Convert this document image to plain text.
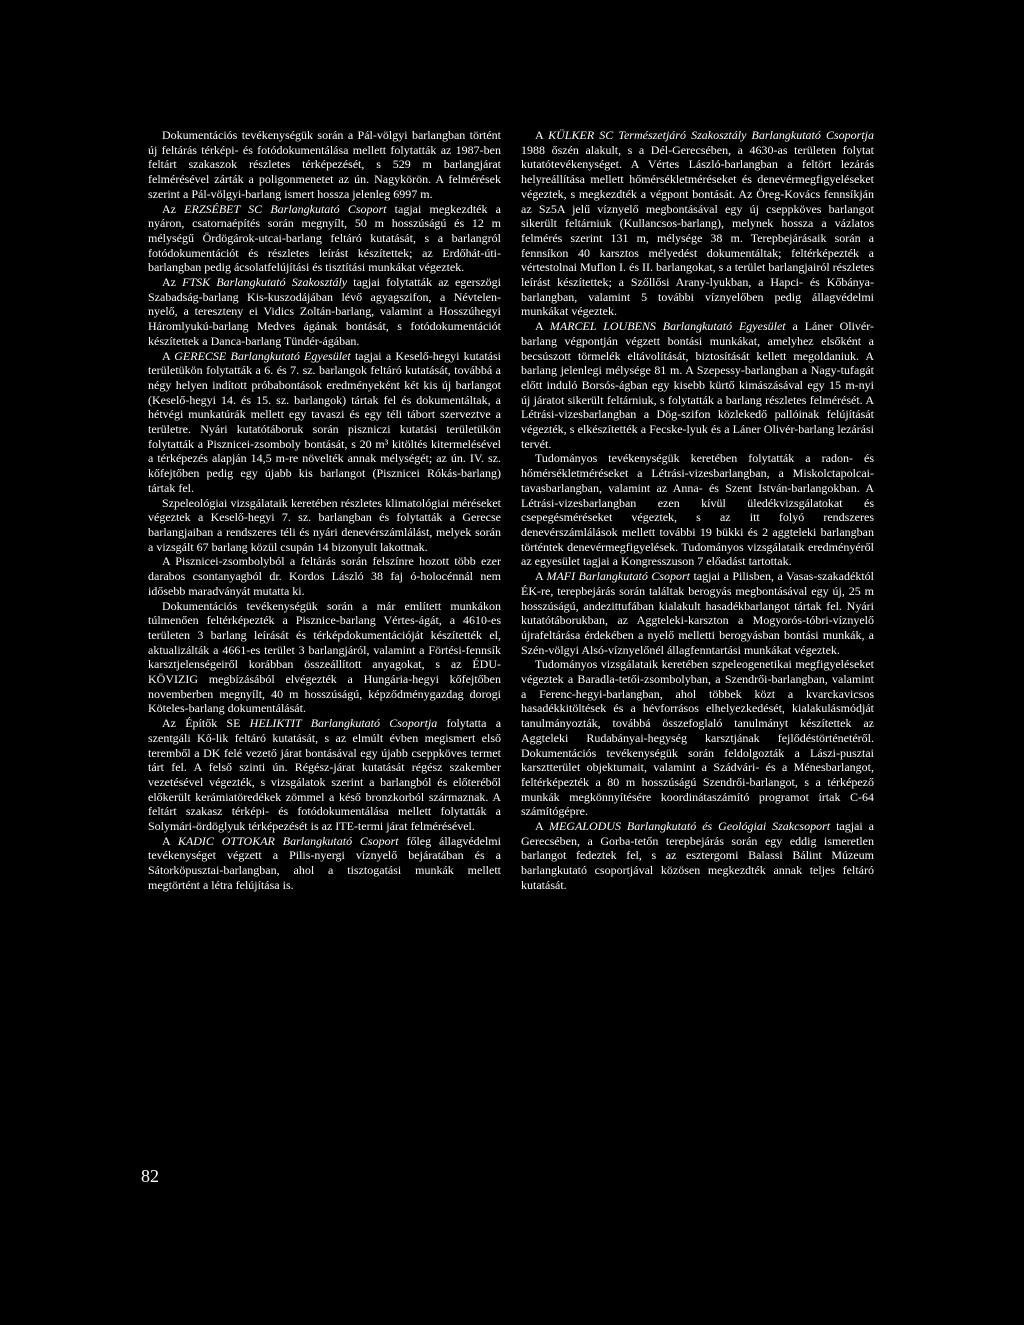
Dokumentációs tevékenységük során a Pál-völgyi barlangban történt új feltárás térképi- és fotódokumentálása mellett folytatták az 1987-ben feltárt szakaszok részletes térképezését, s 529 m barlangjárat felmérésével zárták a poligonmenetet az ún. Nagykörön. A felmérések szerint a Pál-völgyi-barlang ismert hossza jelenleg 6997 m.

Az ERZSÉBET SC Barlangkutató Csoport tagjai megkezdték a nyáron, csatornaépítés során megnyílt, 50 m hosszúságú és 12 m mélységű Ördögárok-utcai-barlang feltáró kutatását, s a barlangról fotódokumentációt és részletes leírást készítettek; az Erdőhát-úti-barlangban pedig ácsolatfelújítási és tisztítási munkákat végeztek.

Az FTSK Barlangkutató Szakosztály tagjai folytatták az egerszögi Szabadság-barlang Kis-kuszodájában lévő agyagszifon, a Névtelen-nyelő, a tereszteny ei Vidics Zoltán-barlang, valamint a Hosszúhegyi Háromlyukú-barlang Medves ágának bontását, s fotódokumentációt készítettek a Danca-barlang Tündér-ágában.

A GERECSE Barlangkutató Egyesület tagjai a Keselő-hegyi kutatási területükön folytatták a 6. és 7. sz. barlangok feltáró kutatását, továbbá a négy helyen indított próbabontások eredményeként két kis új barlangot (Keselő-hegyi 14. és 15. sz. barlangok) tártak fel és dokumentáltak, a hétvégi munkatúrák mellett egy tavaszi és egy téli tábort szerveztve a területre. Nyári kutatótáboruk során piszniczi kutatási területükön folytatták a Pisznicei-zsomboly bontását, s 20 m³ kitöltés kitermelésével a térképezés alapján 14,5 m-re növelték annak mélységét; az ún. IV. sz. kőfejtőben pedig egy újabb kis barlangot (Pisznicei Rókás-barlang) tártak fel.

Szpeleológiai vizsgálataik keretében részletes klimatológiai méréseket végeztek a Keselő-hegyi 7. sz. barlangban és folytatták a Gerecse barlangjaiban a rendszeres téli és nyári denevérszámlálást, melyek során a vizsgált 67 barlang közül csupán 14 bizonyult lakottnak.

A Pisznicei-zsombolyból a feltárás során felszínre hozott több ezer darabos csontanyagból dr. Kordos László 38 faj ó-holocénnál nem idősebb maradványát mutatta ki.

Dokumentációs tevékenységük során a már említett munkákon túlmenően feltérképezték a Pisznice-barlang Vértes-ágát, a 4610-es területen 3 barlang leírását és térképdokumentációját készítették el, aktualizálták a 4661-es terület 3 barlangjáról, valamint a Förtési-fennsík karsztjelenségeiről korábban összeállított anyagokat, s az ÉDU-KÖVIZIG megbízásából elvégezték a Hungária-hegyi kőfejtőben novemberben megnyílt, 40 m hosszúságú, képződménygazdag dorogi Köteles-barlang dokumentálását.

Az Építők SE HELIKTIT Barlangkutató Csoportja folytatta a szentgáli Kő-lik feltáró kutatását, s az elmúlt évben megismert első teremből a DK felé vezető járat bontásával egy újabb cseppköves termet tárt fel. A felső szinti ún. Régész-járat kutatását régész szakember vezetésével végezték, s vizsgálatok szerint a barlangból és előteréből előkerült kerámiatöredékek zömmel a késő bronzkorból származnak. A feltárt szakasz térképi- és fotódokumentálása mellett folytatták a Solymári-ördöglyuk térképezését is az ITE-termi járat felmérésével.

A KADIC OTTOKAR Barlangkutató Csoport főleg állagvédelmi tevékenységet végzett a Pilis-nyergi víznyelő bejáratában és a Sátorköpusztai-barlangban, ahol a tisztogatási munkák mellett megtörtént a létra felújítása is.

A KÜLKER SC Természetjáró Szakosztály Barlangkutató Csoportja 1988 őszén alakult, s a Dél-Gerecsében, a 4630-as területen folytat kutatótevékenységet. A Vértes László-barlangban a feltört lezárás helyreállítása mellett hőmérsékletméréseket és denevérmegfigyeléseket végeztek, s megkezdték a végpont bontását. Az Öreg-Kovács fennsíkján az Sz5A jelű víznyelő megbontásával egy új cseppköves barlangot sikerült feltárniuk (Kullancsos-barlang), melynek hossza a vázlatos felmérés szerint 131 m, mélysége 38 m. Terepbejárásaik során a fennsíkon 40 karsztos mélyedést dokumentáltak; feltérképezték a vértestolnai Muflon I. és II. barlangokat, s a terület barlangjairól részletes leírást készítettek; a Szőllősi Arany-lyukban, a Hapci- és Kőbánya-barlangban, valamint 5 további víznyelőben pedig állagvédelmi munkákat végeztek.

A MARCEL LOUBENS Barlangkutató Egyesület a Láner Olivér-barlang végpontján végzett bontási munkákat, amelyhez elsőként a becsúszott törmelék eltávolítását, biztosítását kellett megoldaniuk. A barlang jelenlegi mélysége 81 m. A Szepessy-barlangban a Nagy-tufagát előtt induló Borsós-ágban egy kisebb kürtő kimászásával egy 15 m-nyi új járatot sikerült feltárniuk, s folytatták a barlang részletes felmérését. A Létrási-vizesbarlangban a Dög-szifon közlekedő pallóinak felújítását végezték, s elkészítették a Fecske-lyuk és a Láner Olivér-barlang lezárási tervét.

Tudományos tevékenységük keretében folytatták a radon- és hőmérsékletméréseket a Létrási-vizesbarlangban, a Miskolctapolcai-tavasbarlangban, valamint az Anna- és Szent István-barlangokban. A Létrási-vizesbarlangban ezen kívül üledékvizsgálatokat és csepegésméréseket végeztek, s az itt folyó rendszeres denevérszámlálások mellett további 19 bükki és 2 aggteleki barlangban történtek denevérmegfigyelések. Tudományos vizsgálataik eredményéről az egyesület tagjai a Kongresszuson 7 előadást tartottak.

A MAFI Barlangkutató Csoport tagjai a Pilisben, a Vasas-szakadéktól ÉK-re, terepbejárás során találtak berogyás megbontásával egy új, 25 m hosszúságú, andezittufában kialakult hasadékbarlangot tártak fel. Nyári kutatótáborukban, az Aggteleki-karszton a Mogyorós-tóbri-víznyelő újrafeltárása érdekében a nyelő melletti berogyásban bontási munkák, a Szén-völgyi Alsó-víznyelőnél állagfenntartási munkákat végeztek.

Tudományos vizsgálataik keretében szpeleogenetikai megfigyeléseket végeztek a Baradla-tetői-zsombolyban, a Szendrői-barlangban, valamint a Ferenc-hegyi-barlangban, ahol többek közt a kvarckavicsos hasadékkitöltések és a hévforrásos elhelyezkedését, kialakulásmódját tanulmányozták, továbbá összefoglaló tanulmányt készítettek az Aggteleki Rudabányai-hegység karsztjának fejlődéstörténetéről. Dokumentációs tevékenységük során feldolgozták a Lászi-pusztai karsztterület objektumait, valamint a Szádvári- és a Ménesbarlangot, feltérképezték a 80 m hosszúságú Szendrői-barlangot, s a térképező munkák megkönnyítésére koordinátaszámító programot írtak C-64 számítógépre.

A MEGALODUS Barlangkutató és Geológiai Szakcsoport tagjai a Gerecsében, a Gorba-tetőn terepbejárás során egy eddig ismeretlen barlangot fedeztek fel, s az esztergomi Balassi Bálint Múzeum barlangkutató csoportjával közösen megkezdték annak teljes feltáró kutatását.

82
